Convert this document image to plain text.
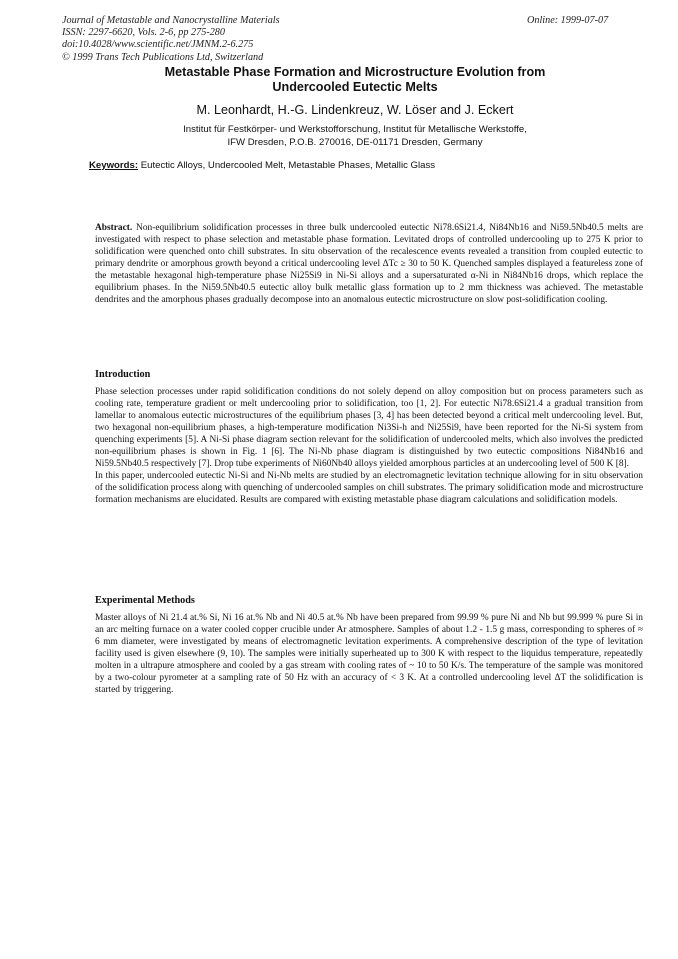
Journal of Metastable and Nanocrystalline Materials
ISSN: 2297-6620, Vols. 2-6, pp 275-280
doi:10.4028/www.scientific.net/JMNM.2-6.275
© 1999 Trans Tech Publications Ltd, Switzerland
Online: 1999-07-07
Metastable Phase Formation and Microstructure Evolution from
Undercooled Eutectic Melts
M. Leonhardt, H.-G. Lindenkreuz, W. Löser and J. Eckert
Institut für Festkörper- und Werkstofforschung, Institut für Metallische Werkstoffe,
IFW Dresden, P.O.B. 270016, DE-01171 Dresden, Germany
Keywords: Eutectic Alloys, Undercooled Melt, Metastable Phases, Metallic Glass

Abstract. Non-equilibrium solidification processes in three bulk undercooled eutectic Ni78.6Si21.4, Ni84Nb16 and Ni59.5Nb40.5 melts are investigated with respect to phase selection and metastable phase formation. Levitated drops of controlled undercooling up to 275 K prior to solidification were quenched onto chill substrates. In situ observation of the recalescence events revealed a transition from coupled eutectic to primary dendrite or amorphous growth beyond a critical undercooling level ΔTc ≥ 30 to 50 K. Quenched samples displayed a featureless zone of the metastable hexagonal high-temperature phase Ni25Si9 in Ni-Si alloys and a supersaturated α-Ni in Ni84Nb16 drops, which replace the equilibrium phases. In the Ni59.5Nb40.5 eutectic alloy bulk metallic glass formation up to 2 mm thickness was achieved. The metastable dendrites and the amorphous phases gradually decompose into an anomalous eutectic microstructure on slow post-solidification cooling.

Introduction

Phase selection processes under rapid solidification conditions do not solely depend on alloy composition but on process parameters such as cooling rate, temperature gradient or melt undercooling prior to solidification, too [1, 2]. For eutectic Ni78.6Si21.4 a gradual transition from lamellar to anomalous eutectic microstructures of the equilibrium phases [3, 4] has been detected beyond a critical melt undercooling level. But, two hexagonal non-equilibrium phases, a high-temperature modification Ni3Si-h and Ni25Si9, have been reported for the Ni-Si system from quenching experiments [5]. A Ni-Si phase diagram section relevant for the solidification of undercooled melts, which also involves the predicted non-equilibrium phases is shown in Fig. 1 [6]. The Ni-Nb phase diagram is distinguished by two eutectic compositions Ni84Nb16 and Ni59.5Nb40.5 respectively [7]. Drop tube experiments of Ni60Nb40 alloys yielded amorphous particles at an undercooling level of 500 K [8].

In this paper, undercooled eutectic Ni-Si and Ni-Nb melts are studied by an electromagnetic levitation technique allowing for in situ observation of the solidification process along with quenching of undercooled samples on chill substrates. The primary solidification mode and microstructure formation mechanisms are elucidated. Results are compared with existing metastable phase diagram calculations and solidification models.

Experimental Methods

Master alloys of Ni 21.4 at.% Si, Ni 16 at.% Nb and Ni 40.5 at.% Nb have been prepared from 99.99 % pure Ni and Nb but 99.999 % pure Si in an arc melting furnace on a water cooled copper crucible under Ar atmosphere. Samples of about 1.2 - 1.5 g mass, corresponding to spheres of ≈ 6 mm diameter, were investigated by means of electromagnetic levitation experiments. A comprehensive description of the type of levitation facility used is given elsewhere (9, 10). The samples were initially superheated up to 300 K with respect to the liquidus temperature, repeatedly molten in a ultrapure atmosphere and cooled by a gas stream with cooling rates of ~ 10 to 50 K/s. The temperature of the sample was monitored by a two-colour pyrometer at a sampling rate of 50 Hz with an accuracy of < 3 K. At a controlled undercooling level ΔT the solidification is started by triggering.
